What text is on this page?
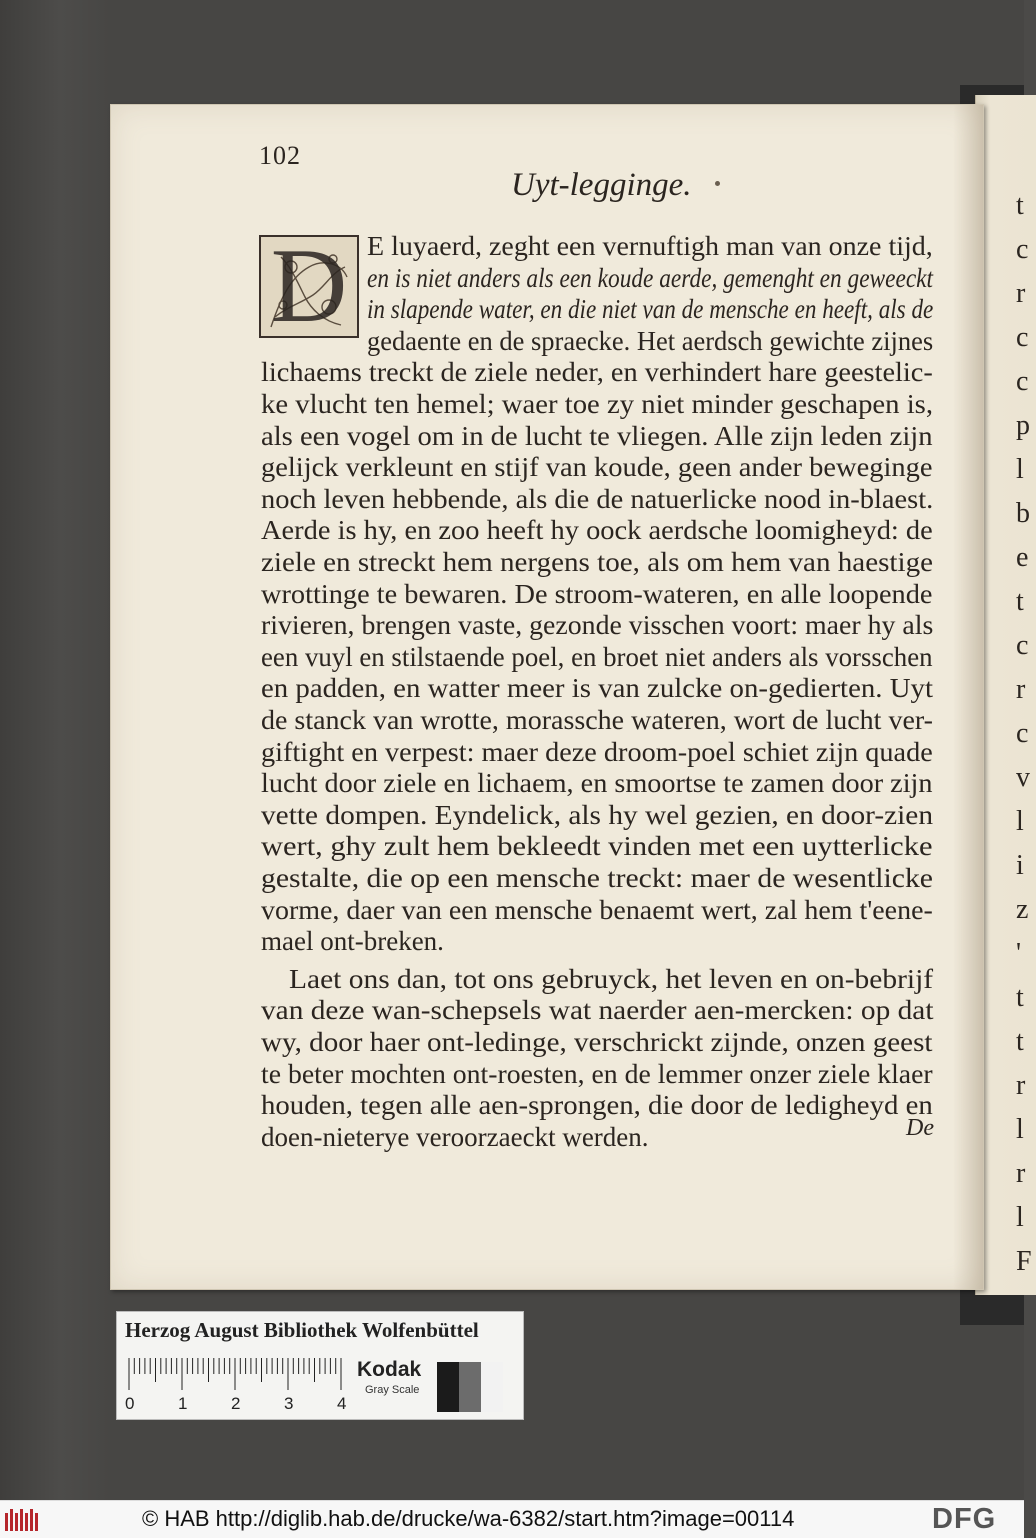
t
c
r
c
c
p
l
b
e
t
c
r
c
v
l
i
z
'
t
t
r
l
r
l
F
102
Uyt-legginge.
D E luyaerd, zeght een vernuftigh man van onze tijd,
en is niet anders als een koude aerde, gemenght en geweeckt
in slapende water, en die niet van de mensche en heeft, als de
gedaente en de spraecke. Het aerdsch gewichte zijnes
lichaems treckt de ziele neder, en verhindert hare geestelic-
ke vlucht ten hemel; waer toe zy niet minder geschapen is,
als een vogel om in de lucht te vliegen. Alle zijn leden zijn
gelijck verkleunt en stijf van koude, geen ander beweginge
noch leven hebbende, als die de natuerlicke nood in-blaest.
Aerde is hy, en zoo heeft hy oock aerdsche loomigheyd: de
ziele en streckt hem nergens toe, als om hem van haestige
wrottinge te bewaren. De stroom-wateren, en alle loopende
rivieren, brengen vaste, gezonde visschen voort: maer hy als
een vuyl en stilstaende poel, en broet niet anders als vorsschen
en padden, en watter meer is van zulcke on-gedierten. Uyt
de stanck van wrotte, morassche wateren, wort de lucht ver-
giftight en verpest: maer deze droom-poel schiet zijn quade
lucht door ziele en lichaem, en smoortse te zamen door zijn
vette dompen. Eyndelick, als hy wel gezien, en door-zien
wert, ghy zult hem bekleedt vinden met een uytterlicke
gestalte, die op een mensche treckt: maer de wesentlicke
vorme, daer van een mensche benaemt wert, zal hem t'eene-
mael ont-breken.
Laet ons dan, tot ons gebruyck, het leven en on-bebrijf
van deze wan-schepsels wat naerder aen-mercken: op dat
wy, door haer ont-ledinge, verschrickt zijnde, onzen geest
te beter mochten ont-roesten, en de lemmer onzer ziele klaer
houden, tegen alle aen-sprongen, die door de ledigheyd en
doen-nieterye veroorzaeckt werden.	De
Herzog August Bibliothek Wolfenbüttel
0	1	2	3	4
Kodak
Gray Scale
© HAB http://diglib.hab.de/drucke/wa-6382/start.htm?image=00114	DFG
